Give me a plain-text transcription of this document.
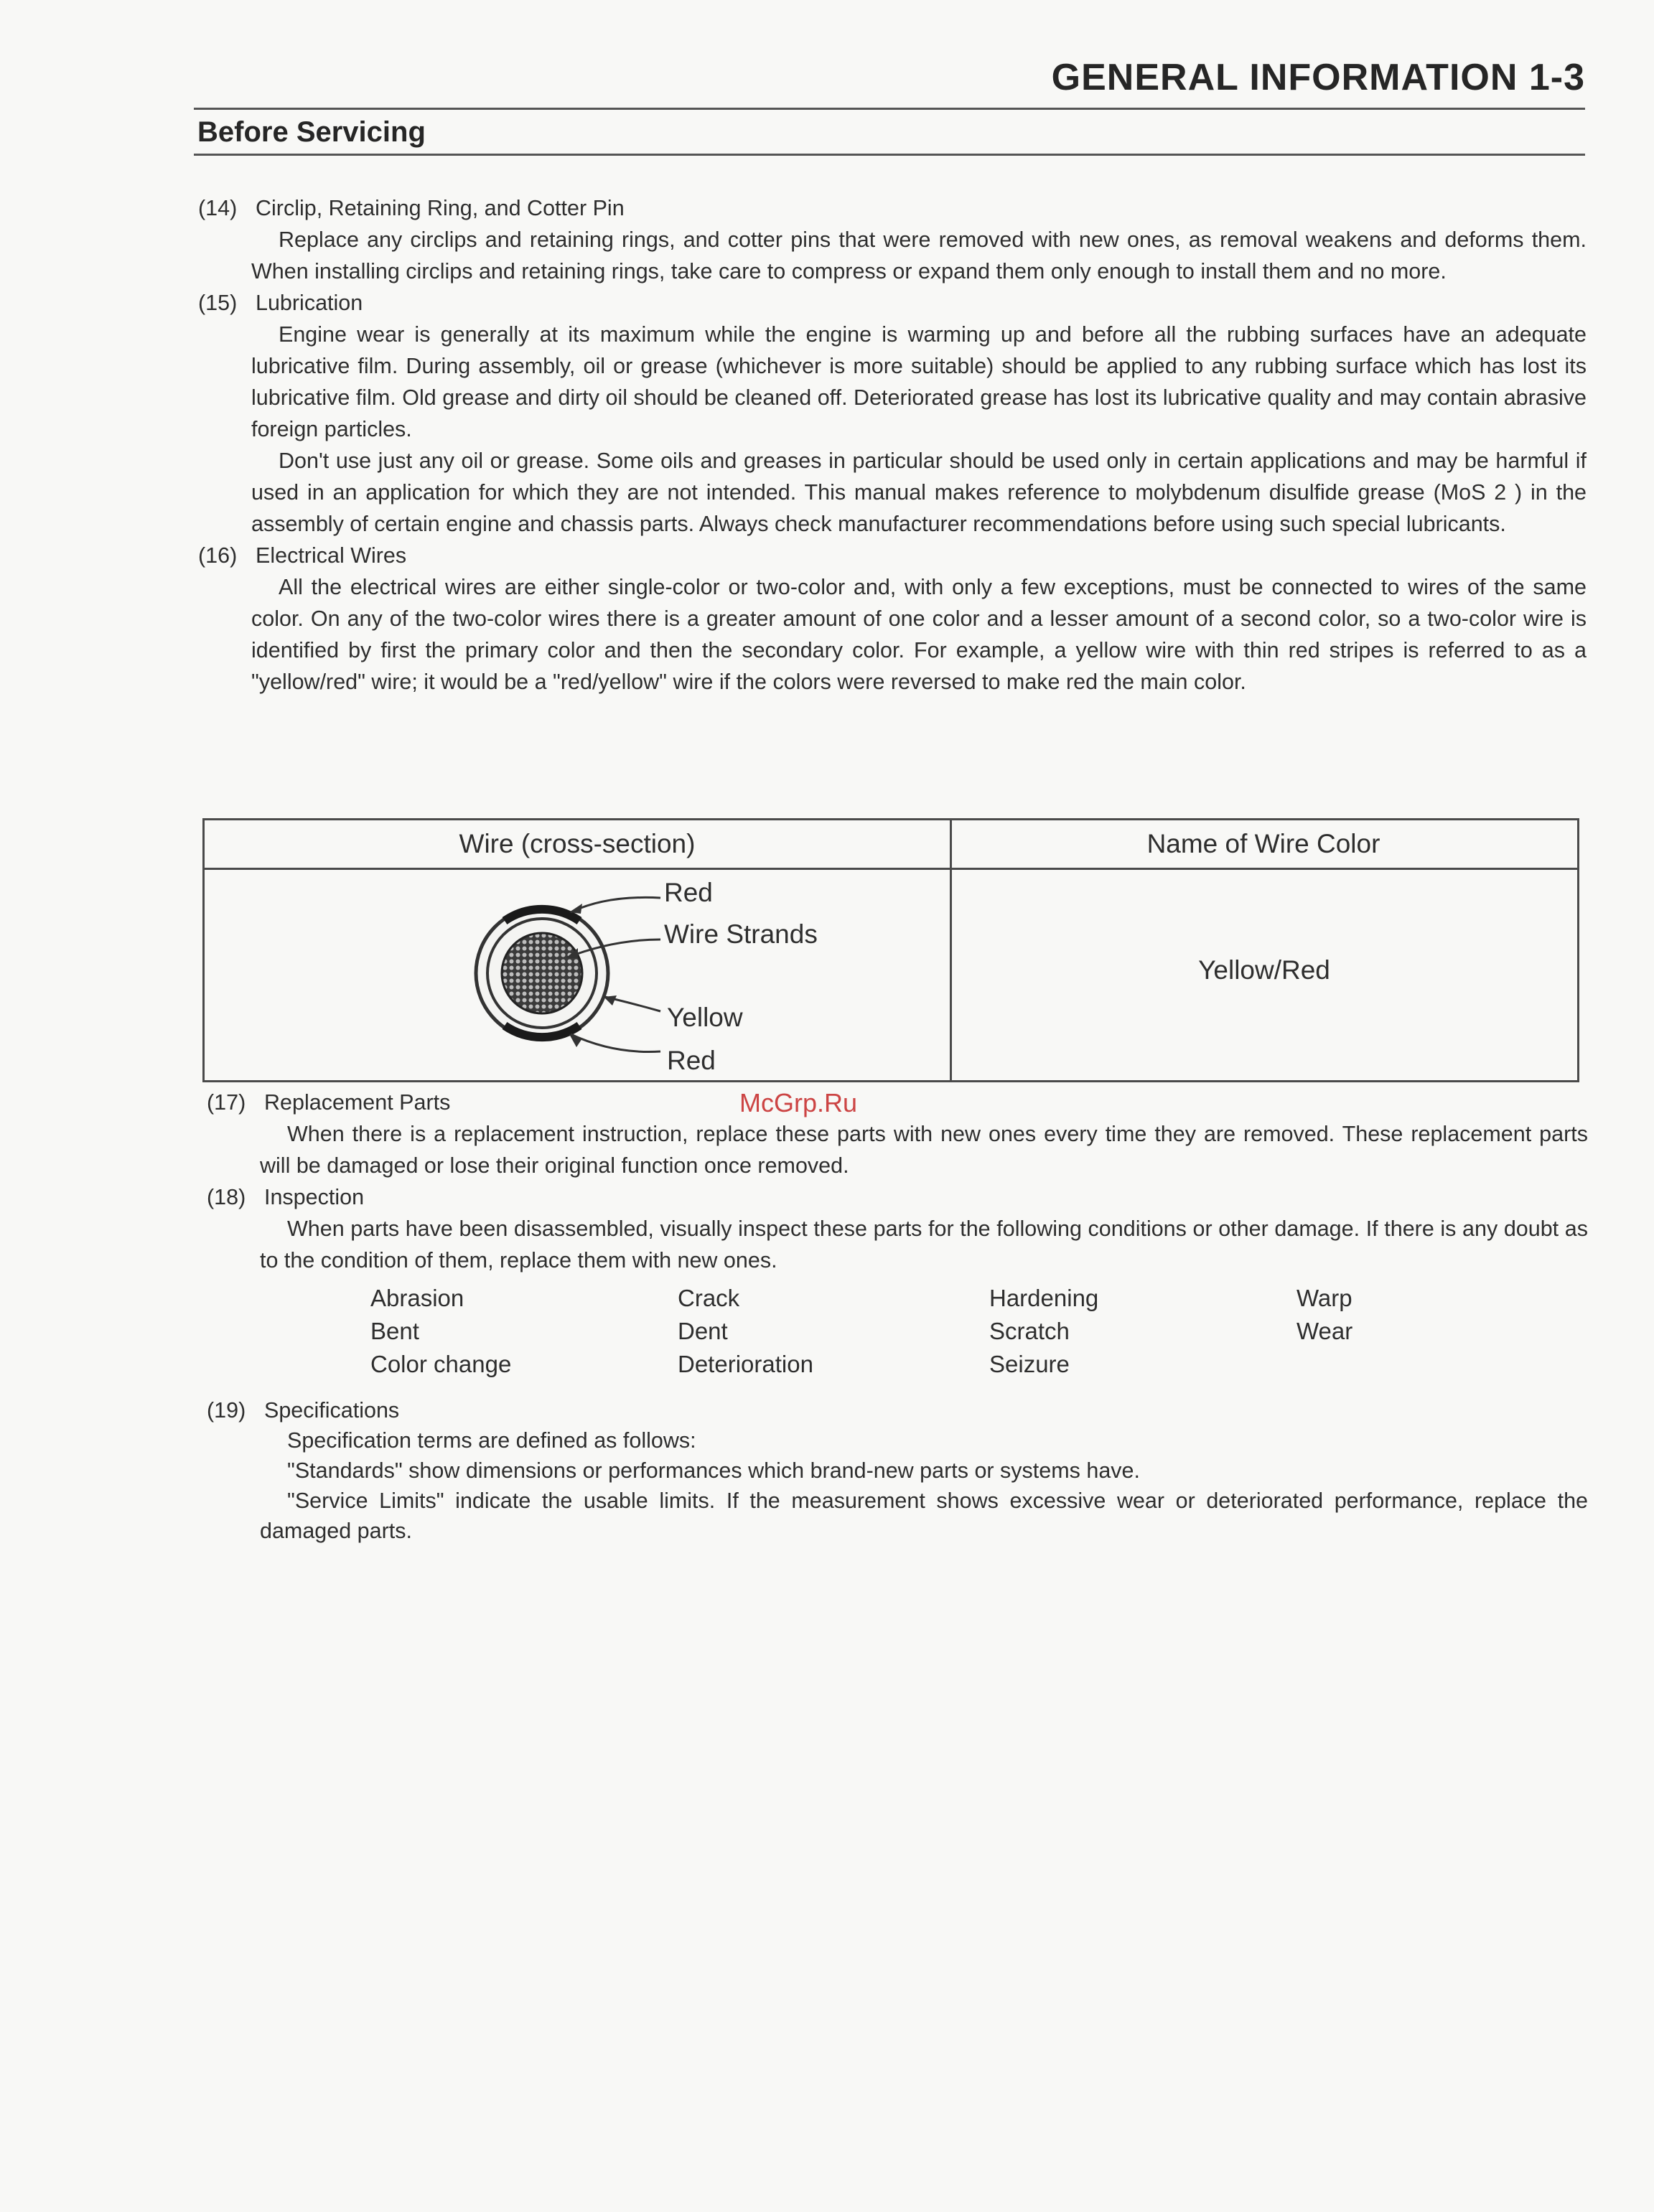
GENERAL INFORMATION 1-3
Before Servicing
(14) Circlip, Retaining Ring, and Cotter Pin
Replace any circlips and retaining rings, and cotter pins that were removed with new ones, as removal weakens and deforms them. When installing circlips and retaining rings, take care to compress or expand them only enough to install them and no more.
(15) Lubrication
Engine wear is generally at its maximum while the engine is warming up and before all the rubbing surfaces have an adequate lubricative film. During assembly, oil or grease (whichever is more suitable) should be applied to any rubbing surface which has lost its lubricative film. Old grease and dirty oil should be cleaned off. Deteriorated grease has lost its lubricative quality and may contain abrasive foreign particles.
Don't use just any oil or grease. Some oils and greases in particular should be used only in certain applications and may be harmful if used in an application for which they are not intended. This manual makes reference to molybdenum disulfide grease (MoS 2 ) in the assembly of certain engine and chassis parts. Always check manufacturer recommendations before using such special lubricants.
(16) Electrical Wires
All the electrical wires are either single-color or two-color and, with only a few exceptions, must be connected to wires of the same color. On any of the two-color wires there is a greater amount of one color and a lesser amount of a second color, so a two-color wire is identified by first the primary color and then the secondary color. For example, a yellow wire with thin red stripes is referred to as a "yellow/red" wire; it would be a "red/yellow" wire if the colors were reversed to make red the main color.
Wire (cross-section)	Name of Wire Color
Red
Wire Strands
Yellow
Red
Yellow/Red
McGrp.Ru
(17) Replacement Parts
When there is a replacement instruction, replace these parts with new ones every time they are removed. These replacement parts will be damaged or lose their original function once removed.
(18) Inspection
When parts have been disassembled, visually inspect these parts for the following conditions or other damage. If there is any doubt as to the condition of them, replace them with new ones.
Abrasion
Bent
Color change
Crack
Dent
Deterioration
Hardening
Scratch
Seizure
Warp
Wear
(19) Specifications
Specification terms are defined as follows:
"Standards" show dimensions or performances which brand-new parts or systems have.
"Service Limits" indicate the usable limits. If the measurement shows excessive wear or deteriorated performance, replace the damaged parts.
